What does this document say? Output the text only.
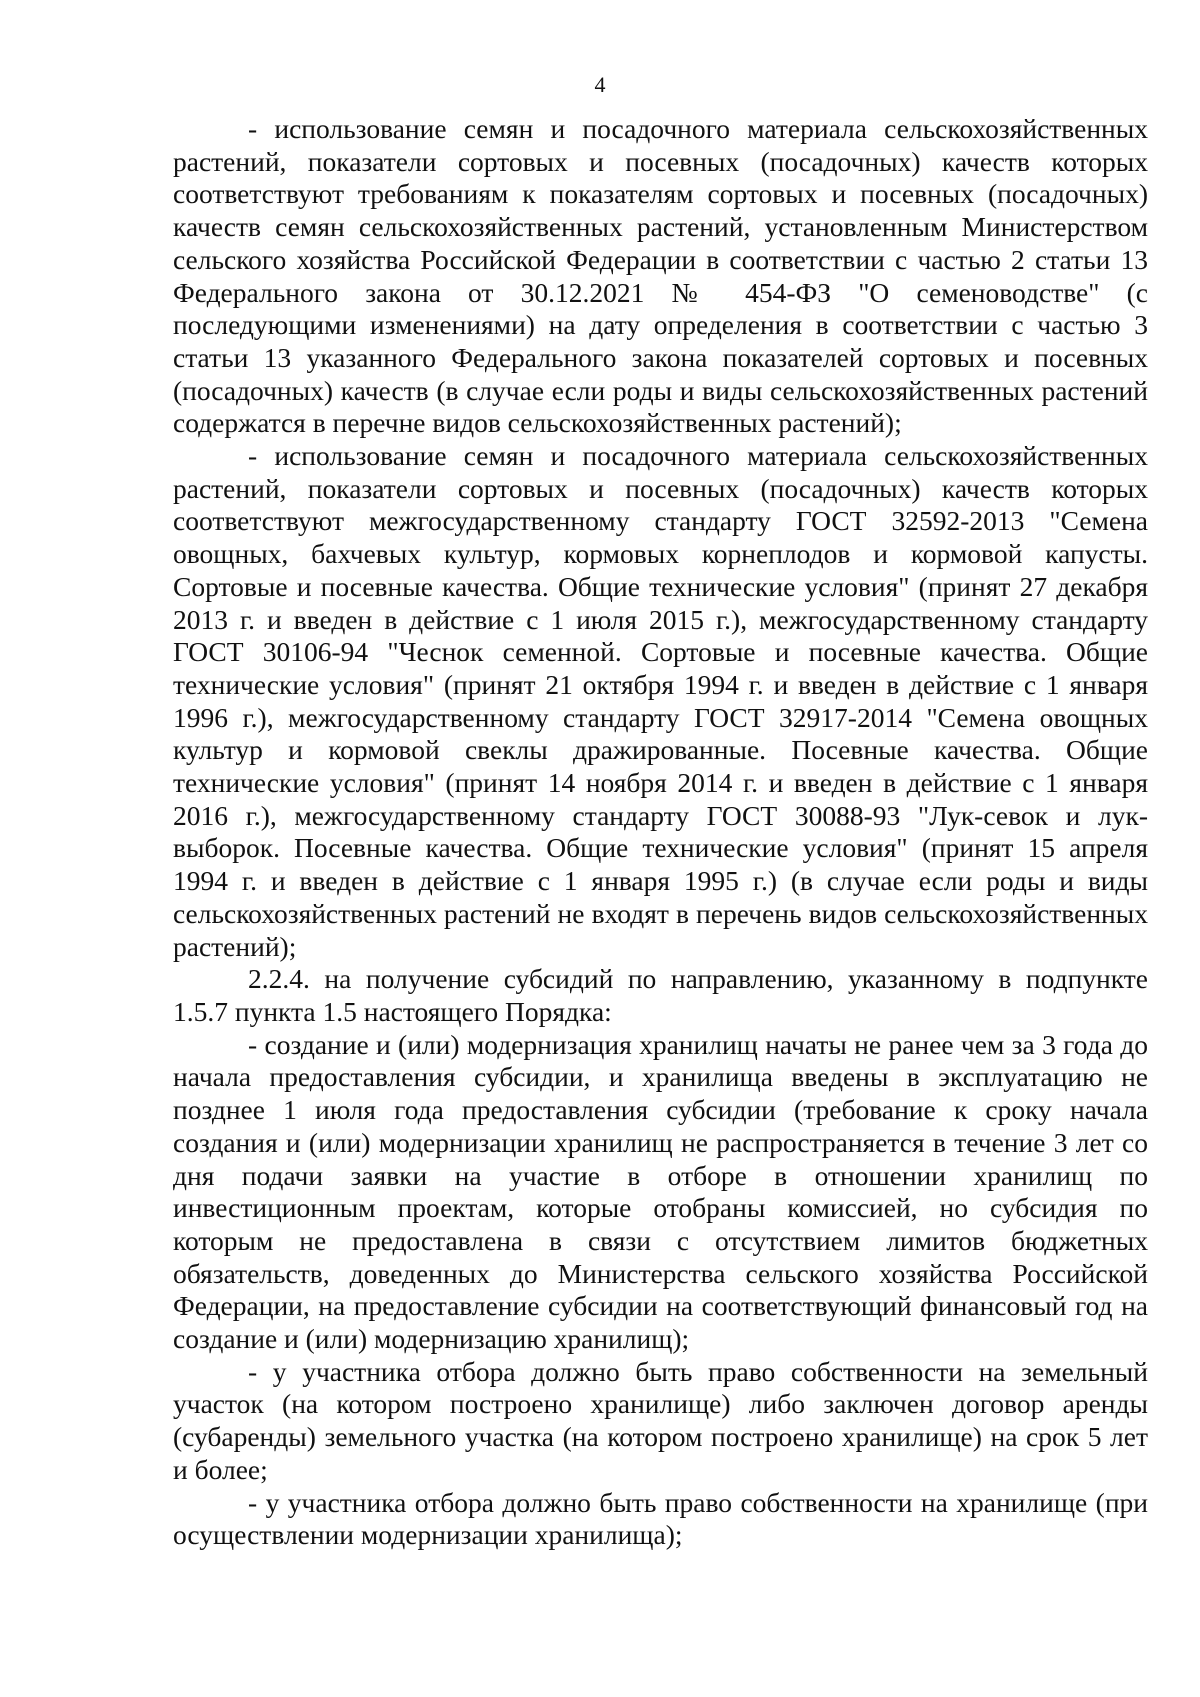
4

- использование семян и посадочного материала сельскохозяйственных растений, показатели сортовых и посевных (посадочных) качеств которых соответствуют требованиям к показателям сортовых и посевных (посадочных) качеств семян сельскохозяйственных растений, установленным Министерством сельского хозяйства Российской Федерации в соответствии с частью 2 статьи 13 Федерального закона от 30.12.2021 № 454-ФЗ "О семеноводстве" (с последующими изменениями) на дату определения в соответствии с частью 3 статьи 13 указанного Федерального закона показателей сортовых и посевных (посадочных) качеств (в случае если роды и виды сельскохозяйственных растений содержатся в перечне видов сельскохозяйственных растений);

- использование семян и посадочного материала сельскохозяйственных растений, показатели сортовых и посевных (посадочных) качеств которых соответствуют межгосударственному стандарту ГОСТ 32592-2013 "Семена овощных, бахчевых культур, кормовых корнеплодов и кормовой капусты. Сортовые и посевные качества. Общие технические условия" (принят 27 декабря 2013 г. и введен в действие с 1 июля 2015 г.), межгосударственному стандарту ГОСТ 30106-94 "Чеснок семенной. Сортовые и посевные качества. Общие технические условия" (принят 21 октября 1994 г. и введен в действие с 1 января 1996 г.), межгосударственному стандарту ГОСТ 32917-2014 "Семена овощных культур и кормовой свеклы дражированные. Посевные качества. Общие технические условия" (принят 14 ноября 2014 г. и введен в действие с 1 января 2016 г.), межгосударственному стандарту ГОСТ 30088-93 "Лук-севок и лук-выборок. Посевные качества. Общие технические условия" (принят 15 апреля 1994 г. и введен в действие с 1 января 1995 г.) (в случае если роды и виды сельскохозяйственных растений не входят в перечень видов сельскохозяйственных растений);

2.2.4. на получение субсидий по направлению, указанному в подпункте 1.5.7 пункта 1.5 настоящего Порядка:

- создание и (или) модернизация хранилищ начаты не ранее чем за 3 года до начала предоставления субсидии, и хранилища введены в эксплуатацию не позднее 1 июля года предоставления субсидии (требование к сроку начала создания и (или) модернизации хранилищ не распространяется в течение 3 лет со дня подачи заявки на участие в отборе в отношении хранилищ по инвестиционным проектам, которые отобраны комиссией, но субсидия по которым не предоставлена в связи с отсутствием лимитов бюджетных обязательств, доведенных до Министерства сельского хозяйства Российской Федерации, на предоставление субсидии на соответствующий финансовый год на создание и (или) модернизацию хранилищ);

- у участника отбора должно быть право собственности на земельный участок (на котором построено хранилище) либо заключен договор аренды (субаренды) земельного участка (на котором построено хранилище) на срок 5 лет и более;

- у участника отбора должно быть право собственности на хранилище (при осуществлении модернизации хранилища);
